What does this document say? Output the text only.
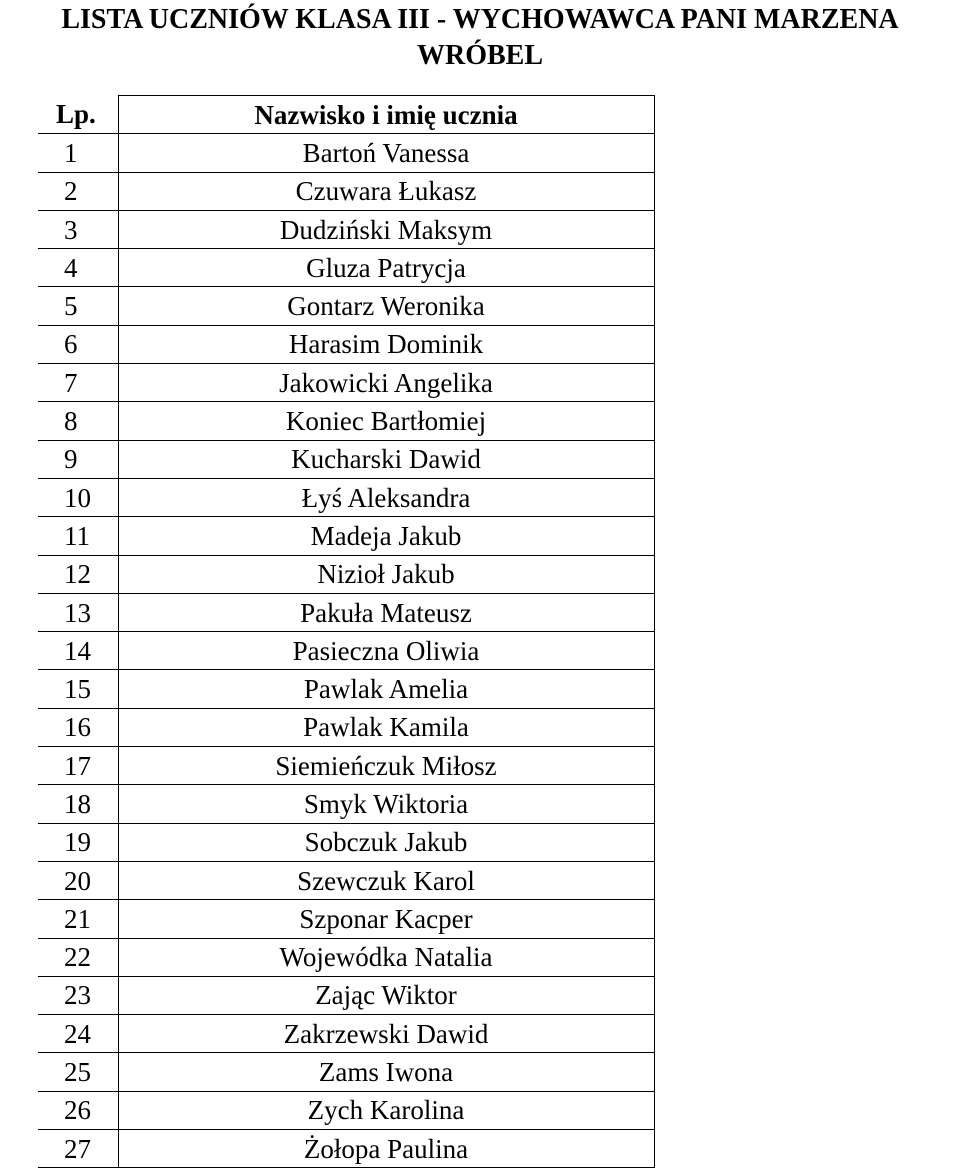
LISTA UCZNIÓW KLASA III - WYCHOWAWCA PANI MARZENA WRÓBEL
Lp.	Nazwisko i imię ucznia
1	Bartoń Vanessa
2	Czuwara Łukasz
3	Dudziński Maksym
4	Gluza Patrycja
5	Gontarz Weronika
6	Harasim Dominik
7	Jakowicki Angelika
8	Koniec Bartłomiej
9	Kucharski Dawid
10	Łyś Aleksandra
11	Madeja Jakub
12	Nizioł Jakub
13	Pakuła Mateusz
14	Pasieczna Oliwia
15	Pawlak Amelia
16	Pawlak Kamila
17	Siemieńczuk Miłosz
18	Smyk Wiktoria
19	Sobczuk Jakub
20	Szewczuk Karol
21	Szponar Kacper
22	Wojewódka Natalia
23	Zając Wiktor
24	Zakrzewski Dawid
25	Zams Iwona
26	Zych Karolina
27	Żołopa Paulina
